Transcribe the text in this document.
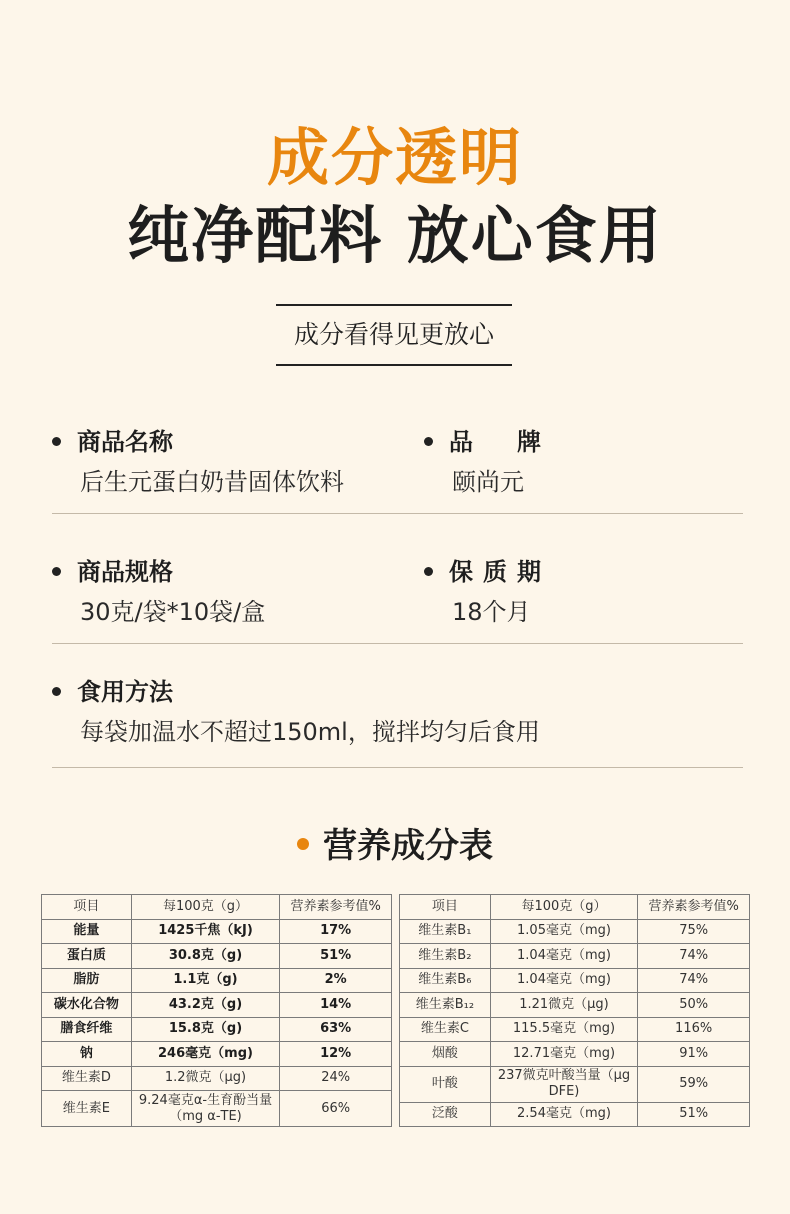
成分透明
纯净配料 放心食用
成分看得见更放心
商品名称
后生元蛋白奶昔固体饮料
品　牌
颐尚元
商品规格
30克/袋*10袋/盒
保质期
18个月
食用方法
每袋加温水不超过150ml，搅拌均匀后食用
营养成分表
项目	每100克（g）	营养素参考值%
能量	1425千焦（kJ)	17%
蛋白质	30.8克（g)	51%
脂肪	1.1克（g)	2%
碳水化合物	43.2克（g)	14%
膳食纤维	15.8克（g)	63%
钠	246毫克（mg)	12%
维生素D	1.2微克（μg)	24%
维生素E	9.24毫克α-生育酚当量（mg α-TE)	66%
项目	每100克（g）	营养素参考值%
维生素B₁	1.05毫克（mg)	75%
维生素B₂	1.04毫克（mg)	74%
维生素B₆	1.04毫克（mg)	74%
维生素B₁₂	1.21微克（μg)	50%
维生素C	115.5毫克（mg)	116%
烟酸	12.71毫克（mg)	91%
叶酸	237微克叶酸当量（μg DFE)	59%
泛酸	2.54毫克（mg)	51%
